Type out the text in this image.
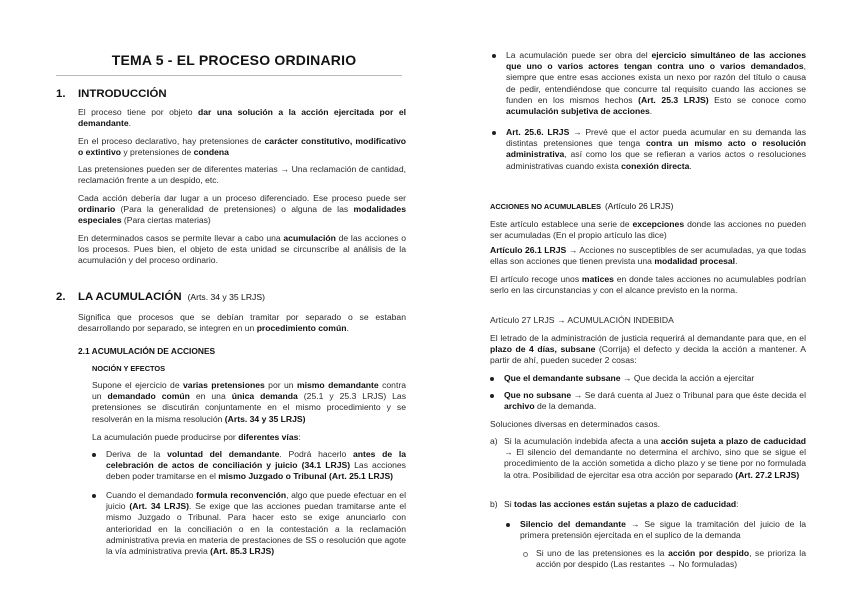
TEMA 5 - EL PROCESO ORDINARIO
1. INTRODUCCIÓN

El proceso tiene por objeto dar una solución a la acción ejercitada por el demandante.

En el proceso declarativo, hay pretensiones de carácter constitutivo, modificativo o extintivo y pretensiones de condena

Las pretensiones pueden ser de diferentes materias → Una reclamación de cantidad, reclamación frente a un despido, etc.

Cada acción debería dar lugar a un proceso diferenciado. Ese proceso puede ser ordinario (Para la generalidad de pretensiones) o alguna de las modalidades especiales (Para ciertas materias)

En determinados casos se permite llevar a cabo una acumulación de las acciones o los procesos. Pues bien, el objeto de esta unidad se circunscribe al análisis de la acumulación y del proceso ordinario.

2. LA ACUMULACIÓN (Arts. 34 y 35 LRJS)

Significa que procesos que se debían tramitar por separado o se estaban desarrollando por separado, se integren en un procedimiento común.

2.1 ACUMULACIÓN DE ACCIONES
NOCIÓN Y EFECTOS

Supone el ejercicio de varias pretensiones por un mismo demandante contra un demandado común en una única demanda (25.1 y 25.3 LRJS) Las pretensiones se discutirán conjuntamente en el mismo procedimiento y se resolverán en la misma resolución (Arts. 34 y 35 LRJS)

La acumulación puede producirse por diferentes vías:

Deriva de la voluntad del demandante. Podrá hacerlo antes de la celebración de actos de conciliación y juicio (34.1 LRJS) Las acciones deben poder tramitarse en el mismo Juzgado o Tribunal (Art. 25.1 LRJS)
Cuando el demandado formula reconvención, algo que puede efectuar en el juicio (Art. 34 LRJS). Se exige que las acciones puedan tramitarse ante el mismo Juzgado o Tribunal. Para hacer esto se exige anunciarlo con anterioridad en la conciliación o en la contestación a la reclamación administrativa previa en materia de prestaciones de SS o resolución que agote la vía administrativa previa (Art. 85.3 LRJS)
La acumulación puede ser obra del ejercicio simultáneo de las acciones que uno o varios actores tengan contra uno o varios demandados, siempre que entre esas acciones exista un nexo por razón del título o causa de pedir, entendiéndose que concurre tal requisito cuando las acciones se funden en los mismos hechos (Art. 25.3 LRJS) Esto se conoce como acumulación subjetiva de acciones.
Art. 25.6. LRJS → Prevé que el actor pueda acumular en su demanda las distintas pretensiones que tenga contra un mismo acto o resolución administrativa, así como los que se refieran a varios actos o resoluciones administrativas cuando exista conexión directa.
ACCIONES NO ACUMULABLES (Artículo 26 LRJS)

Este artículo establece una serie de excepciones donde las acciones no pueden ser acumuladas (En el propio artículo las dice)

Artículo 26.1 LRJS → Acciones no susceptibles de ser acumuladas, ya que todas ellas son acciones que tienen prevista una modalidad procesal.

El artículo recoge unos matices en donde tales acciones no acumulables podrían serlo en las circunstancias y con el alcance previsto en la norma.

Artículo 27 LRJS → ACUMULACIÓN INDEBIDA

El letrado de la administración de justicia requerirá al demandante para que, en el plazo de 4 días, subsane (Corrija) el defecto y decida la acción a mantener. A partir de ahí, pueden suceder 2 cosas:

Que el demandante subsane → Que decida la acción a ejercitar
Que no subsane → Se dará cuenta al Juez o Tribunal para que éste decida el archivo de la demanda.

Soluciones diversas en determinados casos.

a) Si la acumulación indebida afecta a una acción sujeta a plazo de caducidad → El silencio del demandante no determina el archivo, sino que se sigue el procedimiento de la acción sometida a dicho plazo y se tiene por no formulada la otra. Posibilidad de ejercitar esa otra acción por separado (Art. 27.2 LRJS)
b) Si todas las acciones están sujetas a plazo de caducidad:
Silencio del demandante → Se sigue la tramitación del juicio de la primera pretensión ejercitada en el suplico de la demanda
Si uno de las pretensiones es la acción por despido, se prioriza la acción por despido (Las restantes → No formuladas)
